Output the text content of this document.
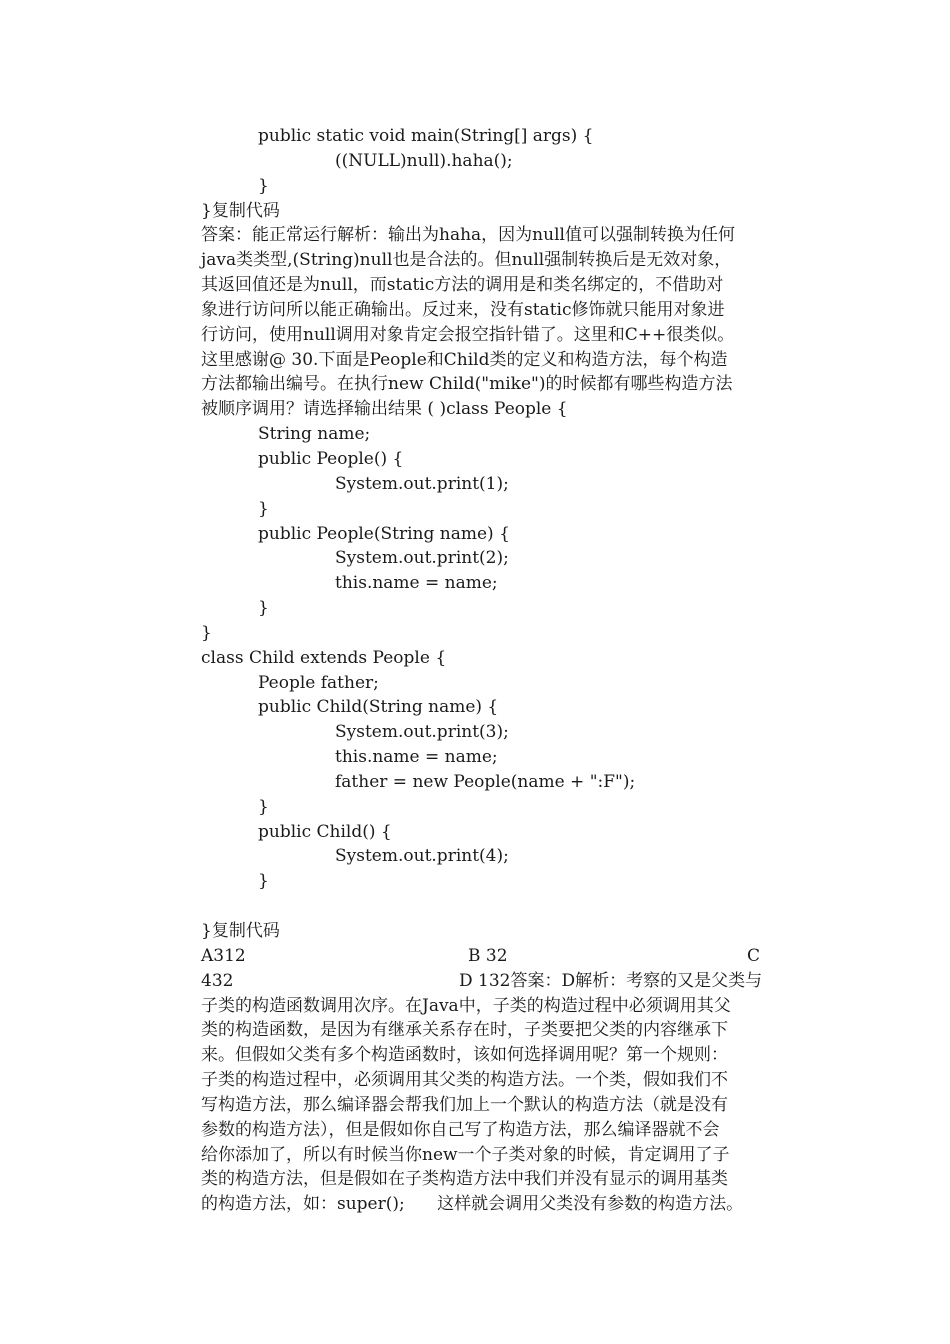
public static void main(String[] args) {
((NULL)null).haha();
}
}复制代码
答案：能正常运行解析：输出为haha，因为null值可以强制转换为任何
java类类型,(String)null也是合法的。但null强制转换后是无效对象，
其返回值还是为null，而static方法的调用是和类名绑定的，不借助对
象进行访问所以能正确输出。反过来，没有static修饰就只能用对象进
行访问，使用null调用对象肯定会报空指针错了。这里和C++很类似。
这里感谢@ 30.下面是People和Child类的定义和构造方法，每个构造
方法都输出编号。在执行new Child("mike")的时候都有哪些构造方法
被顺序调用？请选择输出结果 ( )class People {
String name;
public People() {
System.out.print(1);
}
public People(String name) {
System.out.print(2);
this.name = name;
}
}
class Child extends People {
People father;
public Child(String name) {
System.out.print(3);
this.name = name;
father = new People(name + ":F");
}
public Child() {
System.out.print(4);
}
}复制代码

A312

	B 32

	C

432

	D 132答案：D解析：考察的又是父类与

子类的构造函数调用次序。在Java中，子类的构造过程中必须调用其父
类的构造函数，是因为有继承关系存在时，子类要把父类的内容继承下
来。但假如父类有多个构造函数时，该如何选择调用呢？第一个规则：
子类的构造过程中，必须调用其父类的构造方法。一个类，假如我们不
写构造方法，那么编译器会帮我们加上一个默认的构造方法（就是没有
参数的构造方法），但是假如你自己写了构造方法，那么编译器就不会
给你添加了，所以有时候当你new一个子类对象的时候，肯定调用了子
类的构造方法，但是假如在子类构造方法中我们并没有显示的调用基类
的构造方法，如：super();      这样就会调用父类没有参数的构造方法。
